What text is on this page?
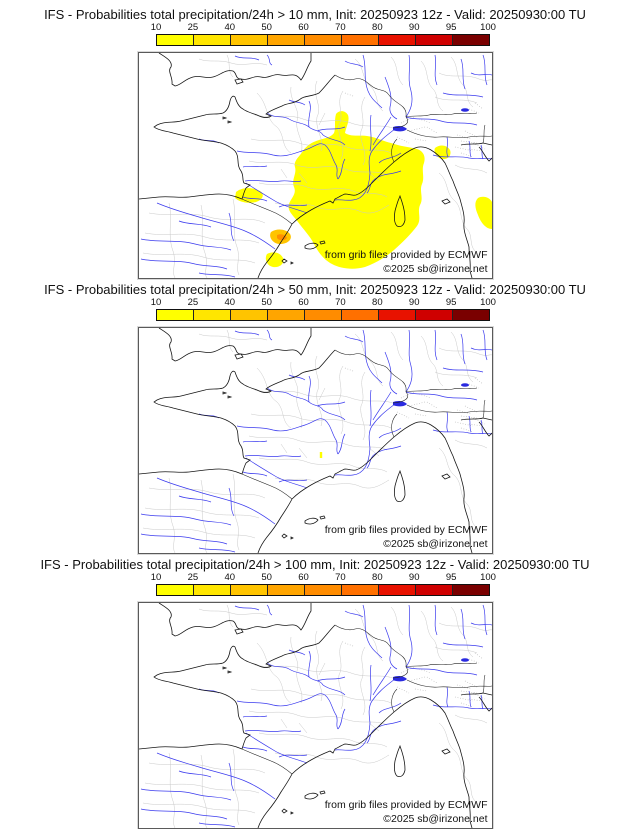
IFS - Probabilities total precipitation/24h > 10 mm, Init: 20250923 12z - Valid: 20250930:00 TU
10	25	40	50	60	70	80	90	95 100
from grib files provided by ECMWF
©2025 sb@irizone.net
IFS - Probabilities total precipitation/24h > 50 mm, Init: 20250923 12z - Valid: 20250930:00 TU
10	25	40	50	60	70	80	90	95 100
from grib files provided by ECMWF
©2025 sb@irizone.net
IFS - Probabilities total precipitation/24h > 100 mm, Init: 20250923 12z - Valid: 20250930:00 TU
10	25	40	50	60	70	80	90	95 100
from grib files provided by ECMWF
©2025 sb@irizone.net
